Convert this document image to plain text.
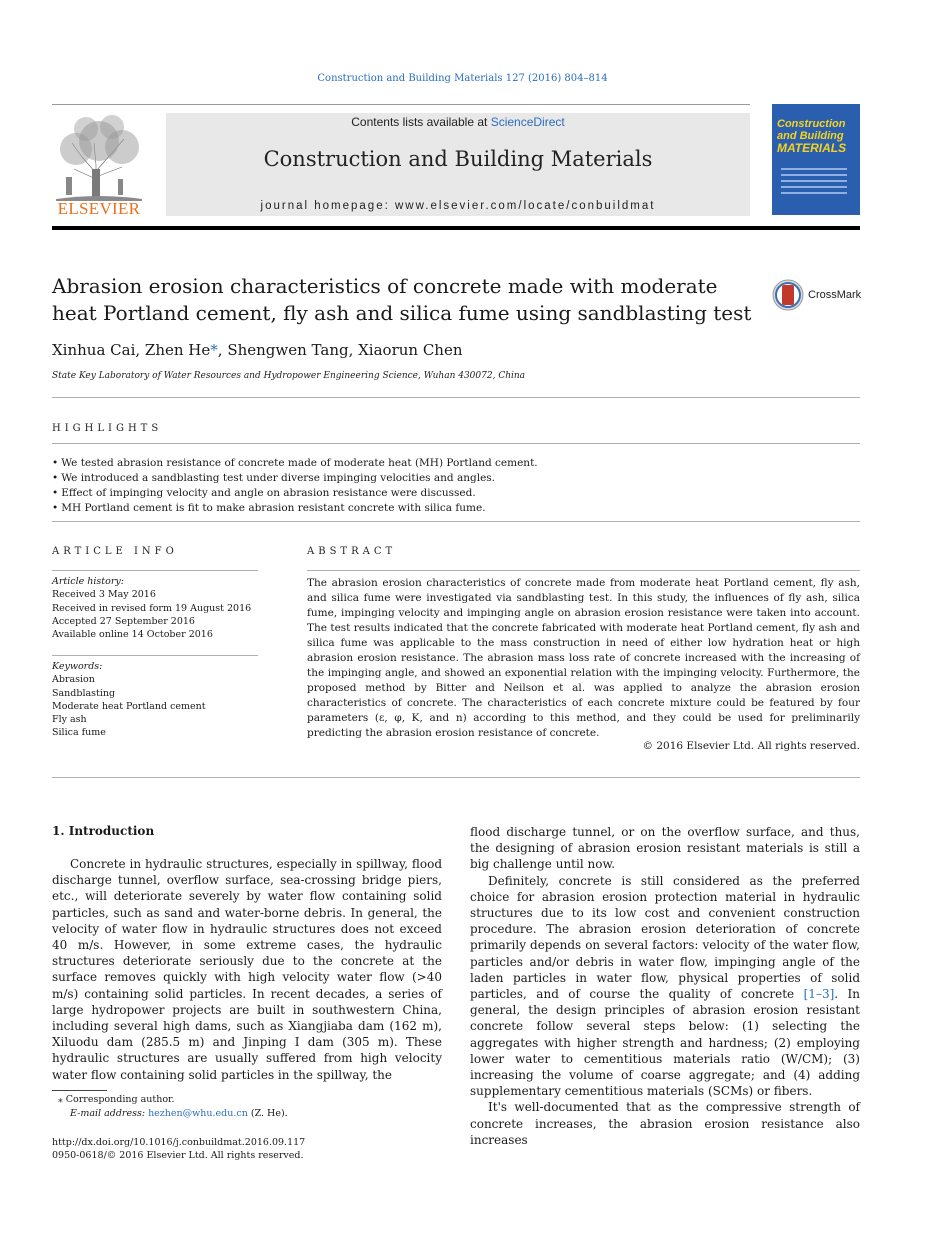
Construction and Building Materials 127 (2016) 804–814
ELSEVIER
Contents lists available at ScienceDirect
Construction and Building Materials
journal homepage: www.elsevier.com/locate/conbuildmat
Construction
and Building
MATERIALS
Abrasion erosion characteristics of concrete made with moderate heat Portland cement, fly ash and silica fume using sandblasting test
CrossMark
Xinhua Cai, Zhen He*, Shengwen Tang, Xiaorun Chen
State Key Laboratory of Water Resources and Hydropower Engineering Science, Wuhan 430072, China
HIGHLIGHTS
• We tested abrasion resistance of concrete made of moderate heat (MH) Portland cement.
• We introduced a sandblasting test under diverse impinging velocities and angles.
• Effect of impinging velocity and angle on abrasion resistance were discussed.
• MH Portland cement is fit to make abrasion resistant concrete with silica fume.
ARTICLE INFO
Article history:
Received 3 May 2016
Received in revised form 19 August 2016
Accepted 27 September 2016
Available online 14 October 2016
Keywords:
Abrasion
Sandblasting
Moderate heat Portland cement
Fly ash
Silica fume
ABSTRACT
The abrasion erosion characteristics of concrete made from moderate heat Portland cement, fly ash, and silica fume were investigated via sandblasting test. In this study, the influences of fly ash, silica fume, impinging velocity and impinging angle on abrasion erosion resistance were taken into account. The test results indicated that the concrete fabricated with moderate heat Portland cement, fly ash and silica fume was applicable to the mass construction in need of either low hydration heat or high abrasion erosion resistance. The abrasion mass loss rate of concrete increased with the increasing of the impinging angle, and showed an exponential relation with the impinging velocity. Furthermore, the proposed method by Bitter and Neilson et al. was applied to analyze the abrasion erosion characteristics of concrete. The characteristics of each concrete mixture could be featured by four parameters (ε, φ, K, and n) according to this method, and they could be used for preliminarily predicting the abrasion erosion resistance of concrete.
© 2016 Elsevier Ltd. All rights reserved.
1. Introduction

Concrete in hydraulic structures, especially in spillway, flood discharge tunnel, overflow surface, sea-crossing bridge piers, etc., will deteriorate severely by water flow containing solid particles, such as sand and water-borne debris. In general, the velocity of water flow in hydraulic structures does not exceed 40 m/s. However, in some extreme cases, the hydraulic structures deteriorate seriously due to the concrete at the surface removes quickly with high velocity water flow (>40 m/s) containing solid particles. In recent decades, a series of large hydropower projects are built in southwestern China, including several high dams, such as Xiangjiaba dam (162 m), Xiluodu dam (285.5 m) and Jinping I dam (305 m). These hydraulic structures are usually suffered from high velocity water flow containing solid particles in the spillway, the

flood discharge tunnel, or on the overflow surface, and thus, the designing of abrasion erosion resistant materials is still a big challenge until now.

Definitely, concrete is still considered as the preferred choice for abrasion erosion protection material in hydraulic structures due to its low cost and convenient construction procedure. The abrasion erosion deterioration of concrete primarily depends on several factors: velocity of the water flow, particles and/or debris in water flow, impinging angle of the laden particles in water flow, physical properties of solid particles, and of course the quality of concrete [1–3]. In general, the design principles of abrasion erosion resistant concrete follow several steps below: (1) selecting the aggregates with higher strength and hardness; (2) employing lower water to cementitious materials ratio (W/CM); (3) increasing the volume of coarse aggregate; and (4) adding supplementary cementitious materials (SCMs) or fibers.

It's well-documented that as the compressive strength of concrete increases, the abrasion erosion resistance also increases

⁎ Corresponding author.
E-mail address: hezhen@whu.edu.cn (Z. He).
http://dx.doi.org/10.1016/j.conbuildmat.2016.09.117
0950-0618/© 2016 Elsevier Ltd. All rights reserved.
